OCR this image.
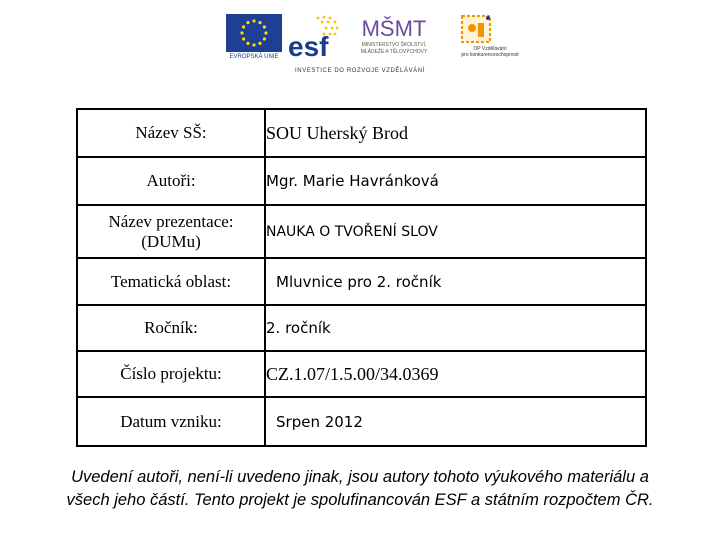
EVROPSKÁ UNIE esf
MŠMT
MINISTERSTVO ŠKOLSTVÍ,
MLÁDEŽE A TĚLOVÝCHOVY	OP Vzdělávání
pro konkurenceschopnost
INVESTICE DO ROZVOJE VZDĚLÁVÁNÍ
Název SŠ:	SOU Uherský Brod
Autoři:	Mgr. Marie Havránková

Název prezentace:
(DUMu)	NAUKA O TVOŘENÍ SLOV
Tematická oblast:	Mluvnice pro 2. ročník
Ročník:	2. ročník
Číslo projektu:	CZ.1.07/1.5.00/34.0369
Datum vzniku:	Srpen 2012
Uvedení autoři, není-li uvedeno jinak, jsou autory tohoto výukového materiálu a
všech jeho částí. Tento projekt je spolufinancován ESF a státním rozpočtem ČR.
